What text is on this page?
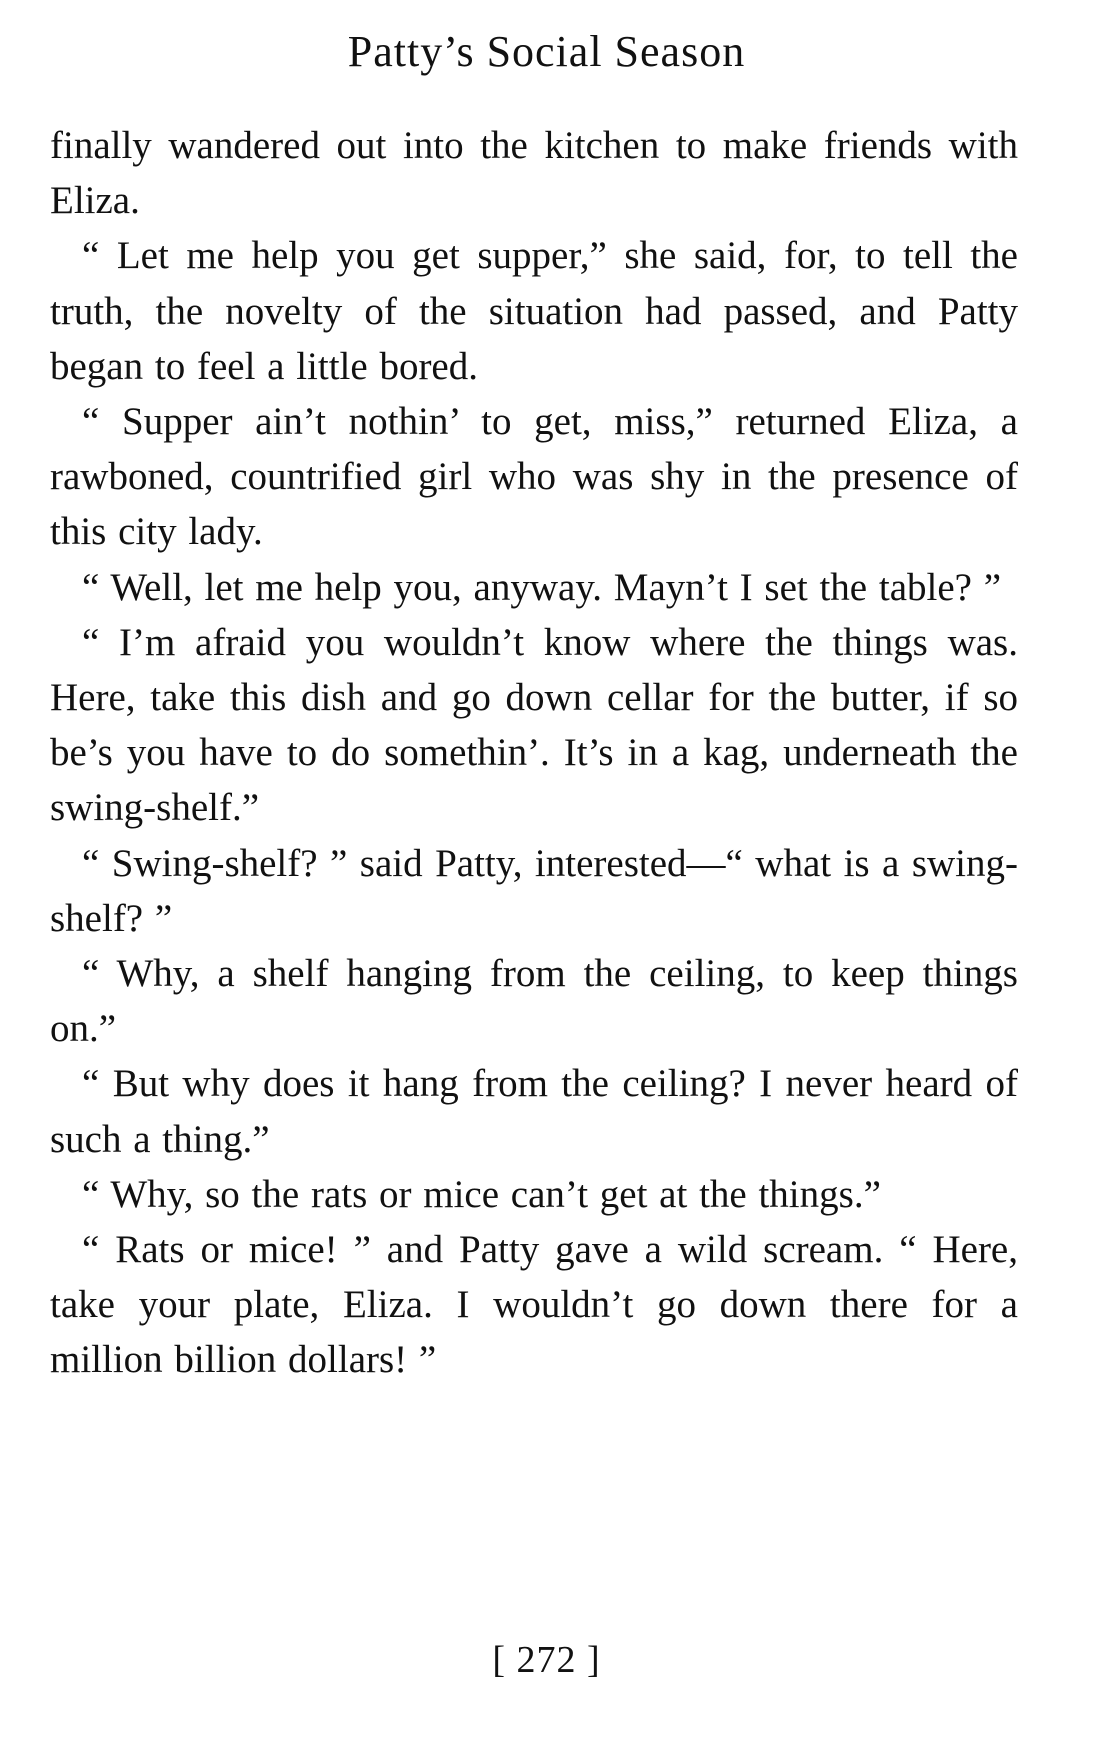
Patty’s Social Season

finally wandered out into the kitchen to make friends with Eliza.

“ Let me help you get supper,” she said, for, to tell the truth, the novelty of the situation had passed, and Patty began to feel a little bored.

“ Supper ain’t nothin’ to get, miss,” returned Eliza, a rawboned, countrified girl who was shy in the presence of this city lady.

“ Well, let me help you, anyway. Mayn’t I set the table? ”

“ I’m afraid you wouldn’t know where the things was. Here, take this dish and go down cellar for the butter, if so be’s you have to do somethin’. It’s in a kag, underneath the swing-shelf.”

“ Swing-shelf? ” said Patty, interested—“ what is a swing-shelf? ”

“ Why, a shelf hanging from the ceiling, to keep things on.”

“ But why does it hang from the ceiling? I never heard of such a thing.”

“ Why, so the rats or mice can’t get at the things.”

“ Rats or mice! ” and Patty gave a wild scream. “ Here, take your plate, Eliza. I wouldn’t go down there for a million billion dollars! ”

[ 272 ]
